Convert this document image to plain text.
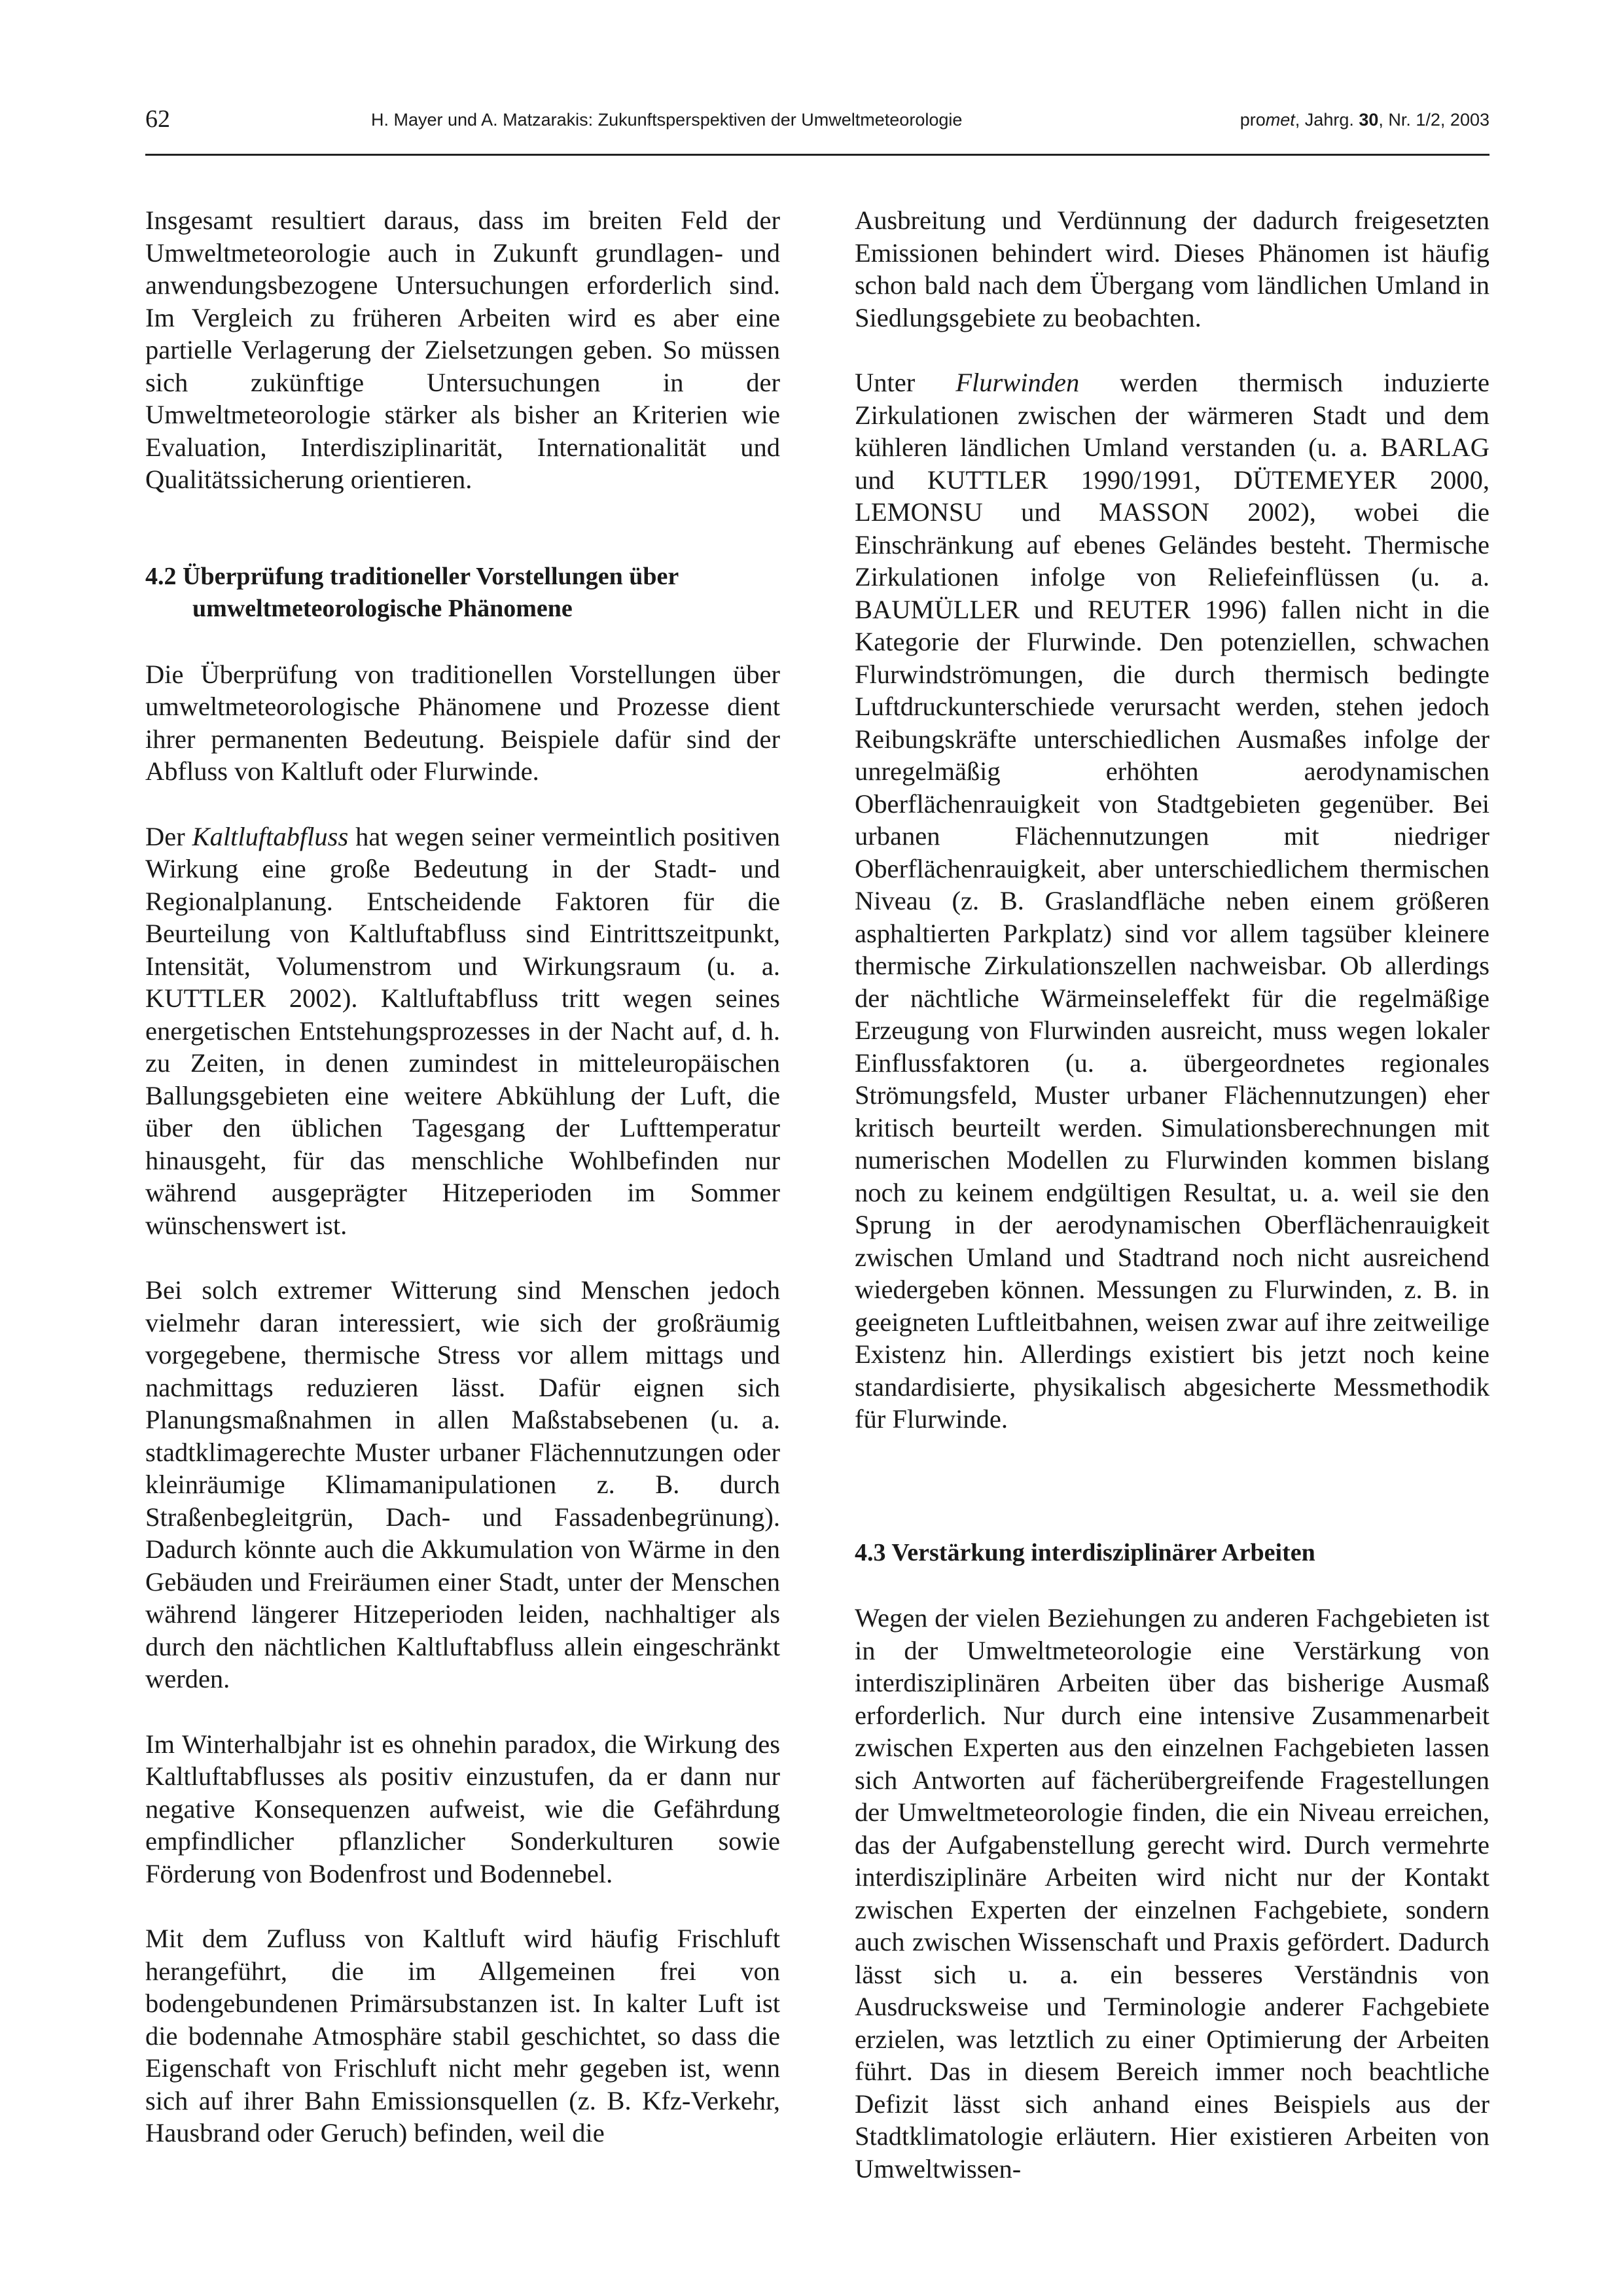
62	H. Mayer und A. Matzarakis: Zukunftsperspektiven der Umweltmeteorologie	promet, Jahrg. 30, Nr. 1/2, 2003

Insgesamt resultiert daraus, dass im breiten Feld der Umweltmeteorologie auch in Zukunft grundlagen- und anwendungsbezogene Untersuchungen erforderlich sind. Im Vergleich zu früheren Arbeiten wird es aber eine partielle Verlagerung der Zielsetzungen geben. So müssen sich zukünftige Untersuchungen in der Umweltmeteorologie stärker als bisher an Kriterien wie Evaluation, Interdisziplinarität, Internationalität und Qualitätssicherung orientieren.

4.2 Überprüfung traditioneller Vorstellungen über
umweltmeteorologische Phänomene

Die Überprüfung von traditionellen Vorstellungen über umweltmeteorologische Phänomene und Prozesse dient ihrer permanenten Bedeutung. Beispiele dafür sind der Abfluss von Kaltluft oder Flurwinde.

Der Kaltluftabfluss hat wegen seiner vermeintlich positiven Wirkung eine große Bedeutung in der Stadt- und Regionalplanung. Entscheidende Faktoren für die Beurteilung von Kaltluftabfluss sind Eintrittszeitpunkt, Intensität, Volumenstrom und Wirkungsraum (u. a. KUTTLER 2002). Kaltluftabfluss tritt wegen seines energetischen Entstehungsprozesses in der Nacht auf, d. h. zu Zeiten, in denen zumindest in mitteleuropäischen Ballungsgebieten eine weitere Abkühlung der Luft, die über den üblichen Tagesgang der Lufttemperatur hinausgeht, für das menschliche Wohlbefinden nur während ausgeprägter Hitzeperioden im Sommer wünschenswert ist.

Bei solch extremer Witterung sind Menschen jedoch vielmehr daran interessiert, wie sich der großräumig vorgegebene, thermische Stress vor allem mittags und nachmittags reduzieren lässt. Dafür eignen sich Planungsmaßnahmen in allen Maßstabsebenen (u. a. stadtklimagerechte Muster urbaner Flächennutzungen oder kleinräumige Klimamanipulationen z. B. durch Straßenbegleitgrün, Dach- und Fassadenbegrünung). Dadurch könnte auch die Akkumulation von Wärme in den Gebäuden und Freiräumen einer Stadt, unter der Menschen während längerer Hitzeperioden leiden, nachhaltiger als durch den nächtlichen Kaltluftabfluss allein eingeschränkt werden.

Im Winterhalbjahr ist es ohnehin paradox, die Wirkung des Kaltluftabflusses als positiv einzustufen, da er dann nur negative Konsequenzen aufweist, wie die Gefährdung empfindlicher pflanzlicher Sonderkulturen sowie Förderung von Bodenfrost und Bodennebel.

Mit dem Zufluss von Kaltluft wird häufig Frischluft herangeführt, die im Allgemeinen frei von bodengebundenen Primärsubstanzen ist. In kalter Luft ist die bodennahe Atmosphäre stabil geschichtet, so dass die Eigenschaft von Frischluft nicht mehr gegeben ist, wenn sich auf ihrer Bahn Emissionsquellen (z. B. Kfz-Verkehr, Hausbrand oder Geruch) befinden, weil die

Ausbreitung und Verdünnung der dadurch freigesetzten Emissionen behindert wird. Dieses Phänomen ist häufig schon bald nach dem Übergang vom ländlichen Umland in Siedlungsgebiete zu beobachten.

Unter Flurwinden werden thermisch induzierte Zirkulationen zwischen der wärmeren Stadt und dem kühleren ländlichen Umland verstanden (u. a. BARLAG und KUTTLER 1990/1991, DÜTEMEYER 2000, LEMONSU und MASSON 2002), wobei die Einschränkung auf ebenes Geländes besteht. Thermische Zirkulationen infolge von Reliefeinflüssen (u. a. BAUMÜLLER und REUTER 1996) fallen nicht in die Kategorie der Flurwinde. Den potenziellen, schwachen Flurwindströmungen, die durch thermisch bedingte Luftdruckunterschiede verursacht werden, stehen jedoch Reibungskräfte unterschiedlichen Ausmaßes infolge der unregelmäßig erhöhten aerodynamischen Oberflächenrauigkeit von Stadtgebieten gegenüber. Bei urbanen Flächennutzungen mit niedriger Oberflächenrauigkeit, aber unterschiedlichem thermischen Niveau (z. B. Graslandfläche neben einem größeren asphaltierten Parkplatz) sind vor allem tagsüber kleinere thermische Zirkulationszellen nachweisbar. Ob allerdings der nächtliche Wärmeinseleffekt für die regelmäßige Erzeugung von Flurwinden ausreicht, muss wegen lokaler Einflussfaktoren (u. a. übergeordnetes regionales Strömungsfeld, Muster urbaner Flächennutzungen) eher kritisch beurteilt werden. Simulationsberechnungen mit numerischen Modellen zu Flurwinden kommen bislang noch zu keinem endgültigen Resultat, u. a. weil sie den Sprung in der aerodynamischen Oberflächenrauigkeit zwischen Umland und Stadtrand noch nicht ausreichend wiedergeben können. Messungen zu Flurwinden, z. B. in geeigneten Luftleitbahnen, weisen zwar auf ihre zeitweilige Existenz hin. Allerdings existiert bis jetzt noch keine standardisierte, physikalisch abgesicherte Messmethodik für Flurwinde.

4.3 Verstärkung interdisziplinärer Arbeiten

Wegen der vielen Beziehungen zu anderen Fachgebieten ist in der Umweltmeteorologie eine Verstärkung von interdisziplinären Arbeiten über das bisherige Ausmaß erforderlich. Nur durch eine intensive Zusammenarbeit zwischen Experten aus den einzelnen Fachgebieten lassen sich Antworten auf fächerübergreifende Fragestellungen der Umweltmeteorologie finden, die ein Niveau erreichen, das der Aufgabenstellung gerecht wird. Durch vermehrte interdisziplinäre Arbeiten wird nicht nur der Kontakt zwischen Experten der einzelnen Fachgebiete, sondern auch zwischen Wissenschaft und Praxis gefördert. Dadurch lässt sich u. a. ein besseres Verständnis von Ausdrucksweise und Terminologie anderer Fachgebiete erzielen, was letztlich zu einer Optimierung der Arbeiten führt. Das in diesem Bereich immer noch beachtliche Defizit lässt sich anhand eines Beispiels aus der Stadtklimatologie erläutern. Hier existieren Arbeiten von Umweltwissen-
